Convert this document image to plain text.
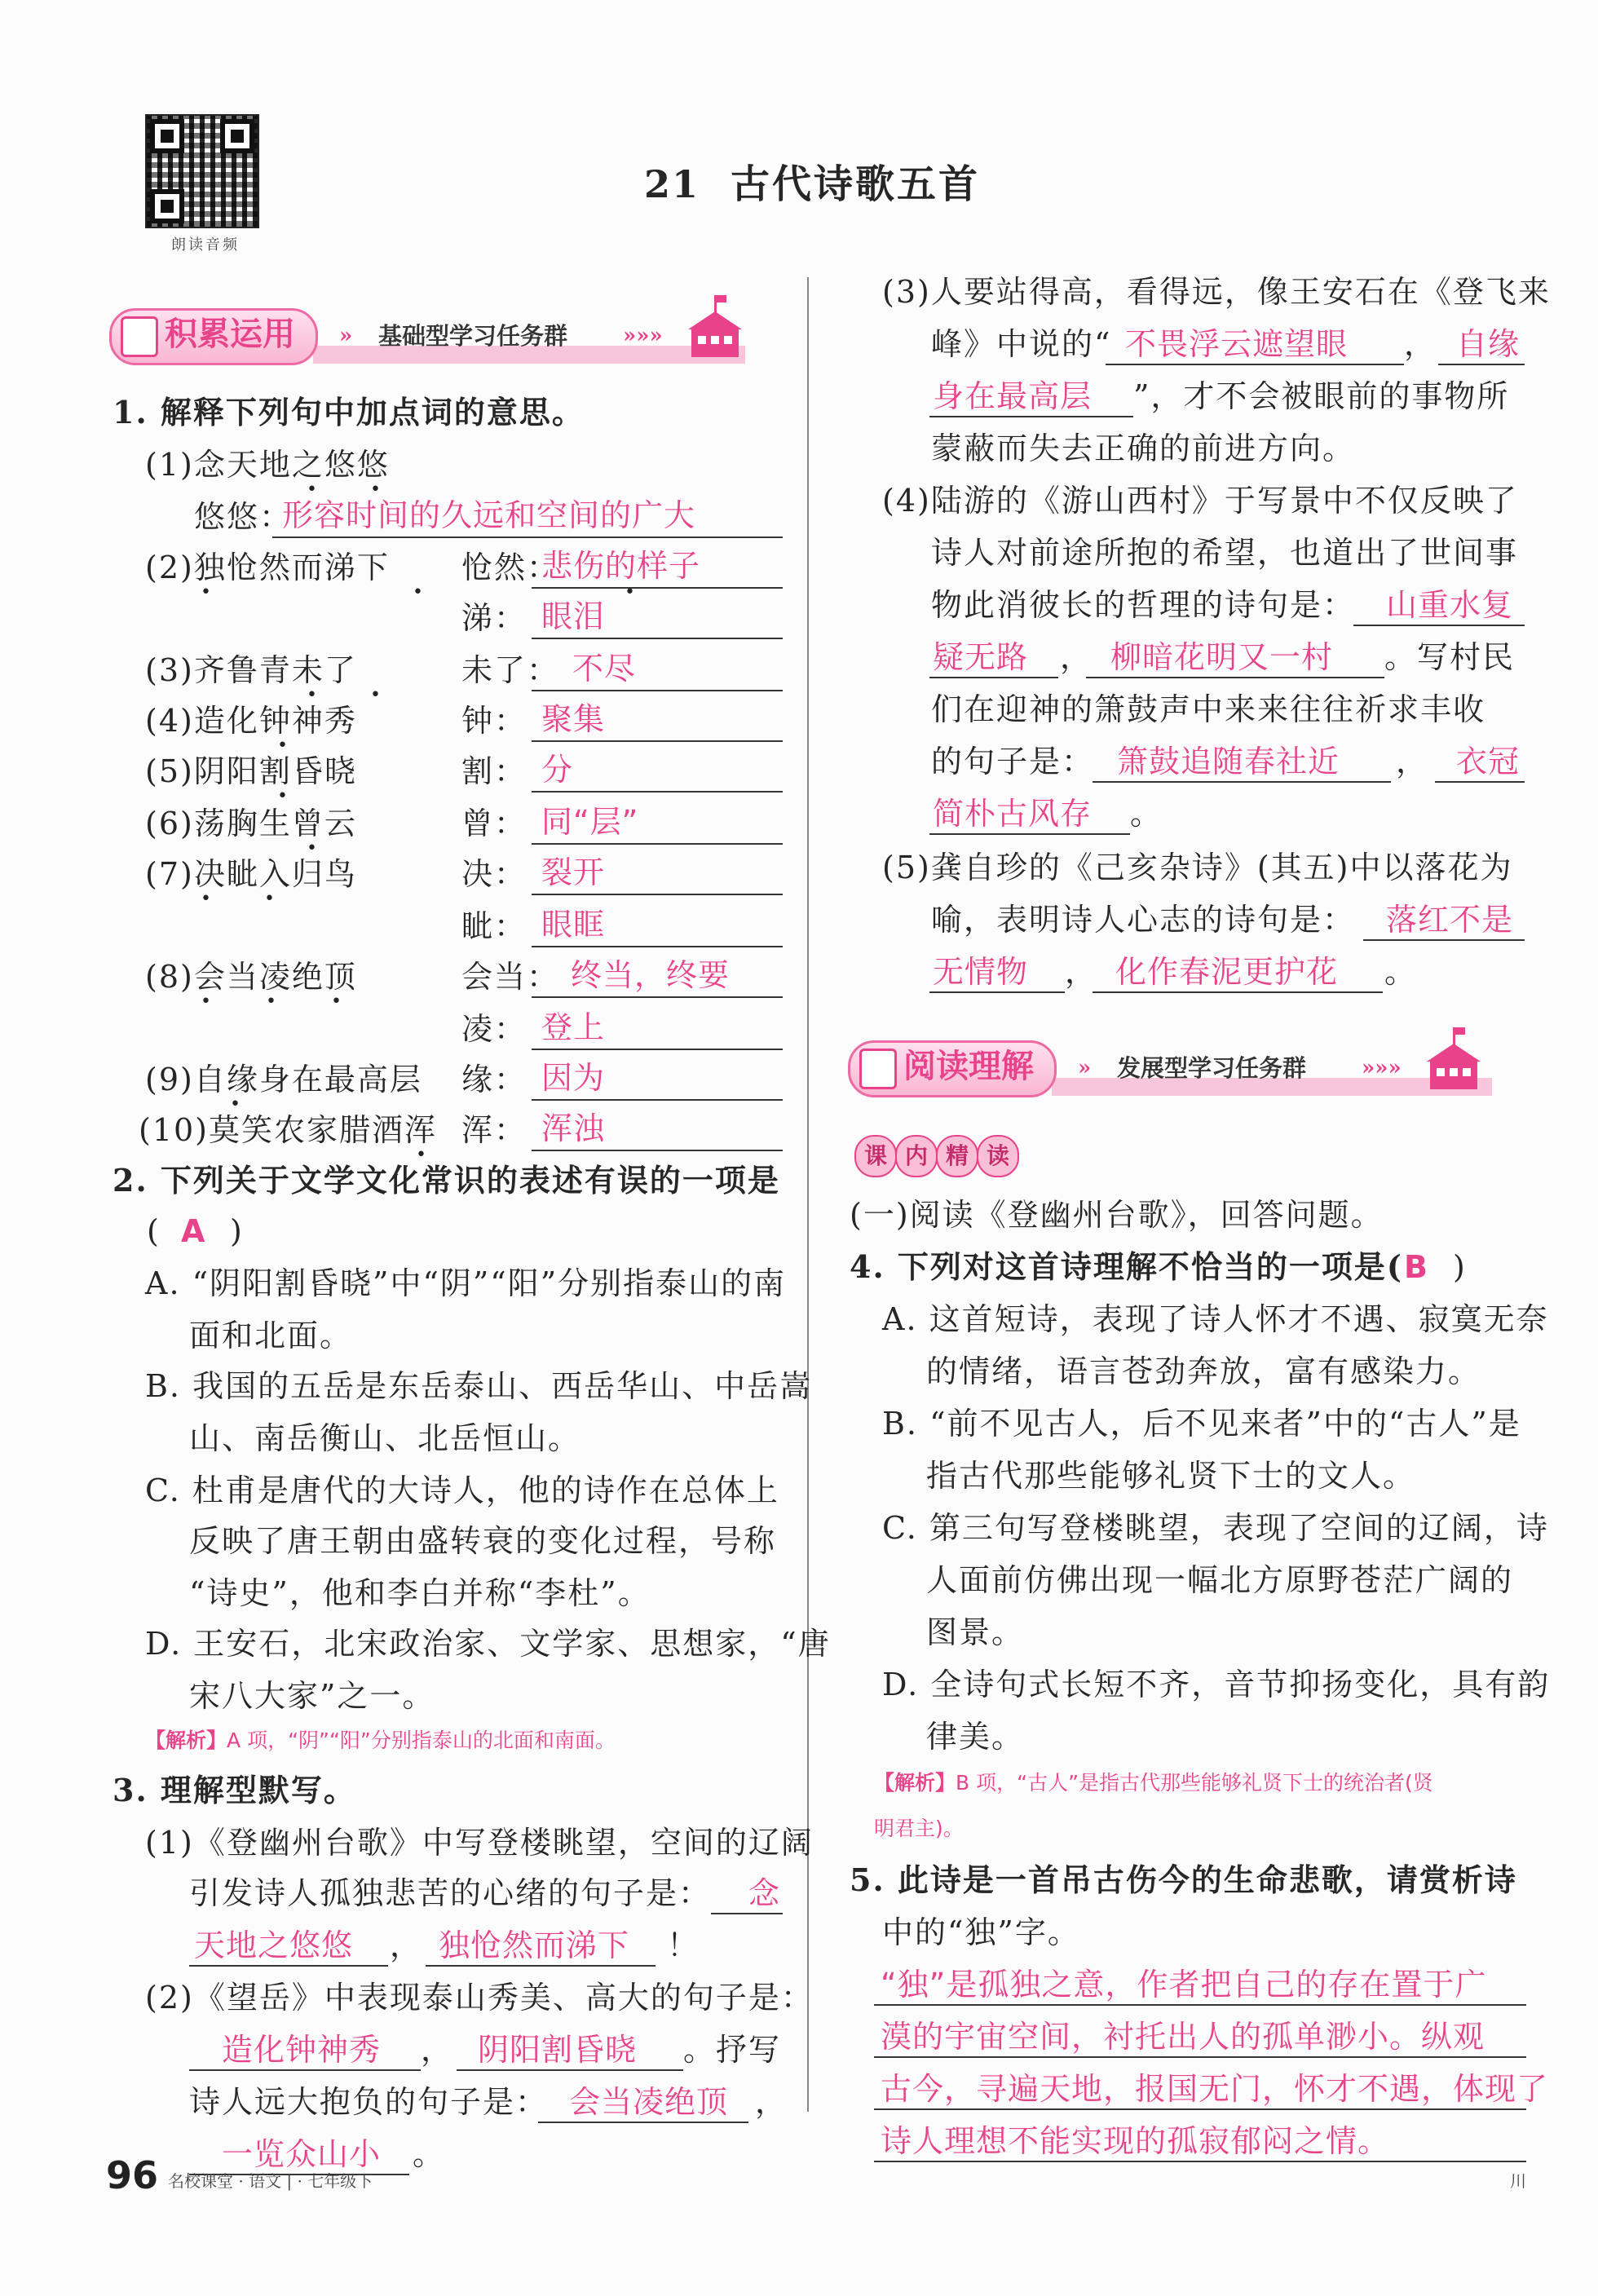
朗读音频
21 古代诗歌五首
积累运用 » 基础型学习任务群	»»»
1. 解释下列句中加点词的意思。
(1)念天地之悠悠
• •
悠悠：
形容时间的久远和空间的广大
(2)独怆然而涕下
• • •
怆然：
悲伤的样子
涕： 眼泪
(3)齐鲁青未了
• •
未了： 不尽
(4)造化钟神秀
•
钟： 聚集
(5)阴阳割昏晓
•
割： 分
(6)荡胸生曾云
•
曾： 同“层”
(7)决眦入归鸟
• •
决： 裂开
眦： 眼眶
(8)会当凌绝顶
• • •
会当： 终当，终要
凌： 登上
(9)自缘身在最高层
•
缘： 因为
(10)莫笑农家腊酒浑
•
浑： 浑浊
2. 下列关于文学文化常识的表述有误的一项是
( A )
A. “阴阳割昏晓”中“阴”“阳”分别指泰山的南
面和北面。
B. 我国的五岳是东岳泰山、西岳华山、中岳嵩
山、南岳衡山、北岳恒山。
C. 杜甫是唐代的大诗人，他的诗作在总体上
反映了唐王朝由盛转衰的变化过程，号称
“诗史”，他和李白并称“李杜”。
D. 王安石，北宋政治家、文学家、思想家，“唐
宋八大家”之一。
【解析】A 项，“阴”“阳”分别指泰山的北面和南面。
3. 理解型默写。
(1)《登幽州台歌》中写登楼眺望，空间的辽阔
引发诗人孤独悲苦的心绪的句子是： 念
天地之悠悠 ， 独怆然而涕下 ！
(2)《望岳》中表现泰山秀美、高大的句子是：
造化钟神秀 ， 阴阳割昏晓 。抒写
诗人远大抱负的句子是： 会当凌绝顶 ，
一览众山小 。
(3)人要站得高，看得远，像王安石在《登飞来
峰》中说的“ 不畏浮云遮望眼 ， 自缘
身在最高层 ”，才不会被眼前的事物所
蒙蔽而失去正确的前进方向。
(4)陆游的《游山西村》于写景中不仅反映了
诗人对前途所抱的希望，也道出了世间事
物此消彼长的哲理的诗句是： 山重水复
疑无路 ， 柳暗花明又一村 。写村民
们在迎神的箫鼓声中来来往往祈求丰收
的句子是： 箫鼓追随春社近 ， 衣冠
简朴古风存 。
(5)龚自珍的《己亥杂诗》(其五)中以落花为
喻，表明诗人心志的诗句是： 落红不是
无情物 ， 化作春泥更护花 。
阅读理解 » 发展型学习任务群	»»»
课 内 精 读
(一)阅读《登幽州台歌》，回答问题。
4. 下列对这首诗理解不恰当的一项是( B )
A. 这首短诗，表现了诗人怀才不遇、寂寞无奈
的情绪，语言苍劲奔放，富有感染力。
B. “前不见古人，后不见来者”中的“古人”是
指古代那些能够礼贤下士的文人。
C. 第三句写登楼眺望，表现了空间的辽阔，诗
人面前仿佛出现一幅北方原野苍茫广阔的
图景。
D. 全诗句式长短不齐，音节抑扬变化，具有韵
律美。
【解析】B 项，“古人”是指古代那些能够礼贤下士的统治者(贤
明君主)。
5. 此诗是一首吊古伤今的生命悲歌，请赏析诗
中的“独”字。
“独”是孤独之意，作者把自己的存在置于广
漠的宇宙空间，衬托出人的孤单渺小。纵观
古今，寻遍天地，报国无门，怀才不遇，体现了
诗人理想不能实现的孤寂郁闷之情。
96 名校课堂 · 语文 | · 七年级下	川
